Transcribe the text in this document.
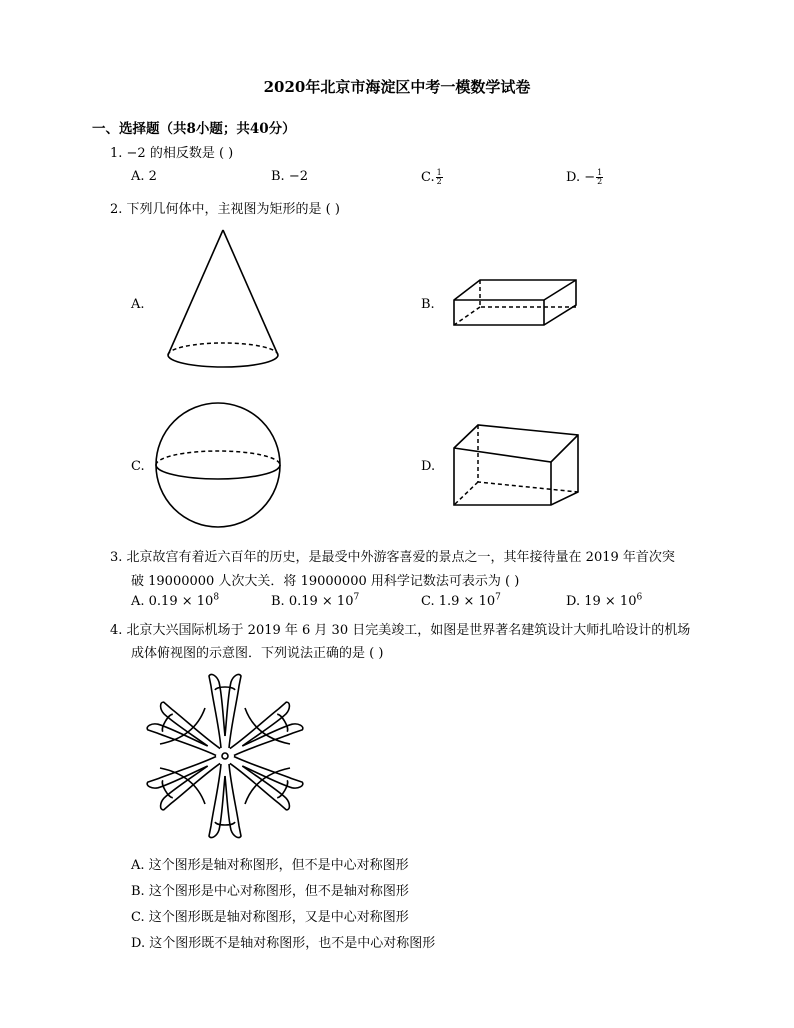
2020年北京市海淀区中考一模数学试卷
一、选择题（共8小题；共40分）
1. −2 的相反数是 ( )
A. 2	B. −2	C. $\frac{1}{2}$	D. − $\frac{1}{2}$
2. 下列几何体中，主视图为矩形的是 ( )
A.	B.
C.	D.
3. 北京故宫有着近六百年的历史，是最受中外游客喜爱的景点之一，其年接待量在 2019 年首次突
破 19000000 人次大关．将 19000000 用科学记数法可表示为 ( )
A. $0.19 \times 10^8$	B. $0.19 \times 10^7$	C. $1.9 \times 10^7$	D. $19 \times 10^6$
4. 北京大兴国际机场于 2019 年 6 月 30 日完美竣工，如图是世界著名建筑设计大师扎哈设计的机场
成体俯视图的示意图．下列说法正确的是 ( )
A. 这个图形是轴对称图形，但不是中心对称图形
B. 这个图形是中心对称图形，但不是轴对称图形
C. 这个图形既是轴对称图形，又是中心对称图形
D. 这个图形既不是轴对称图形，也不是中心对称图形
